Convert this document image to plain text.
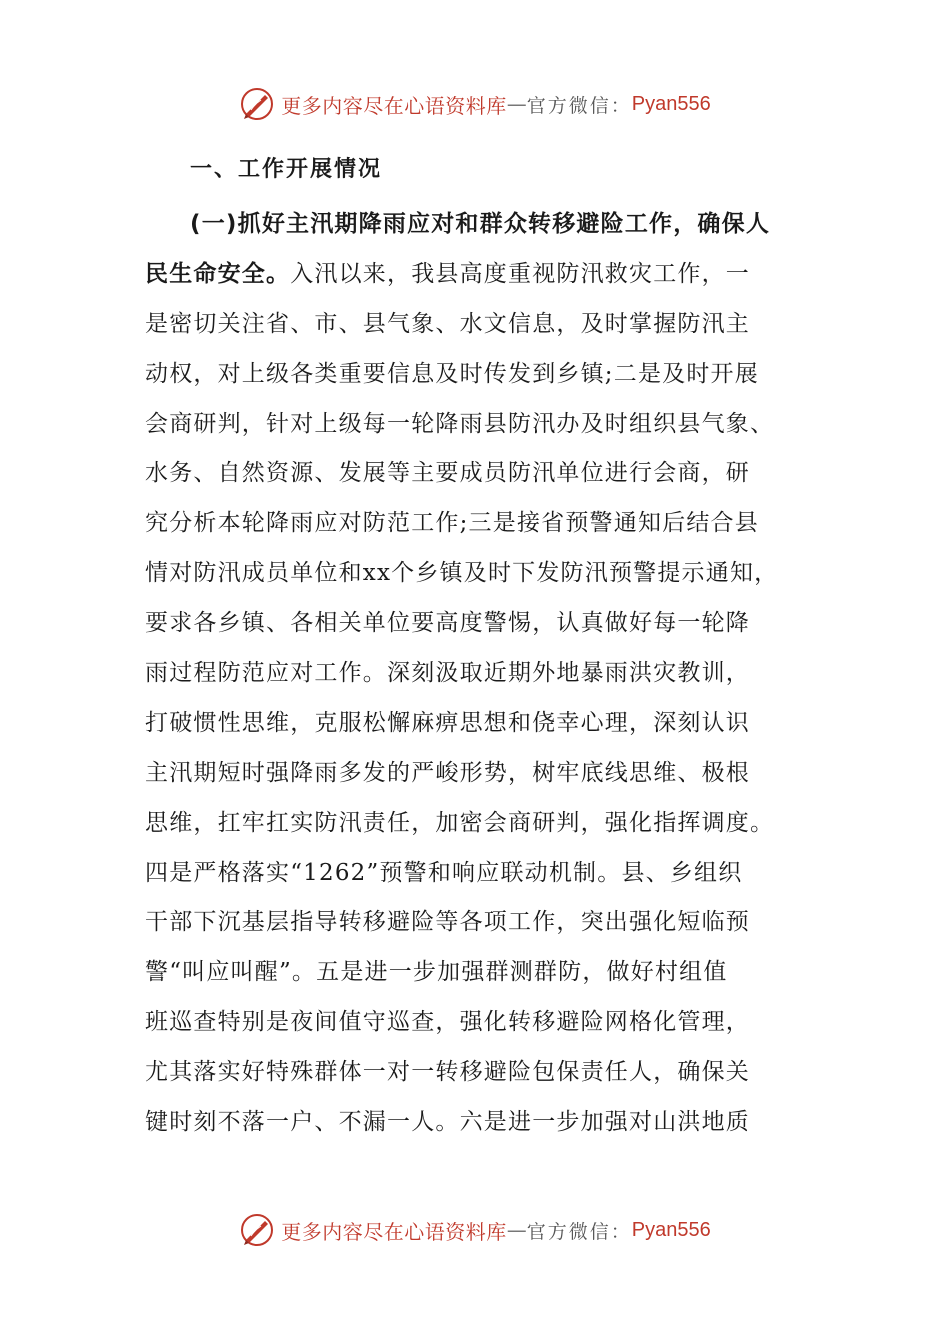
更多内容尽在心语资料库 — 官方微信： Pyan556
一、工作开展情况
(一)抓好主汛期降雨应对和群众转移避险工作，确保人
民生命安全。入汛以来，我县高度重视防汛救灾工作，一
是密切关注省、市、县气象、水文信息，及时掌握防汛主
动权，对上级各类重要信息及时传发到乡镇;二是及时开展
会商研判，针对上级每一轮降雨县防汛办及时组织县气象、
水务、自然资源、发展等主要成员防汛单位进行会商，研
究分析本轮降雨应对防范工作;三是接省预警通知后结合县
情对防汛成员单位和xx个乡镇及时下发防汛预警提示通知，
要求各乡镇、各相关单位要高度警惕，认真做好每一轮降
雨过程防范应对工作。深刻汲取近期外地暴雨洪灾教训，
打破惯性思维，克服松懈麻痹思想和侥幸心理，深刻认识
主汛期短时强降雨多发的严峻形势，树牢底线思维、极根
思维，扛牢扛实防汛责任，加密会商研判，强化指挥调度。
四是严格落实“1262”预警和响应联动机制。县、乡组织
干部下沉基层指导转移避险等各项工作，突出强化短临预
警“叫应叫醒”。五是进一步加强群测群防，做好村组值
班巡查特别是夜间值守巡查，强化转移避险网格化管理，
尤其落实好特殊群体一对一转移避险包保责任人，确保关
键时刻不落一户、不漏一人。六是进一步加强对山洪地质
更多内容尽在心语资料库 — 官方微信： Pyan556
